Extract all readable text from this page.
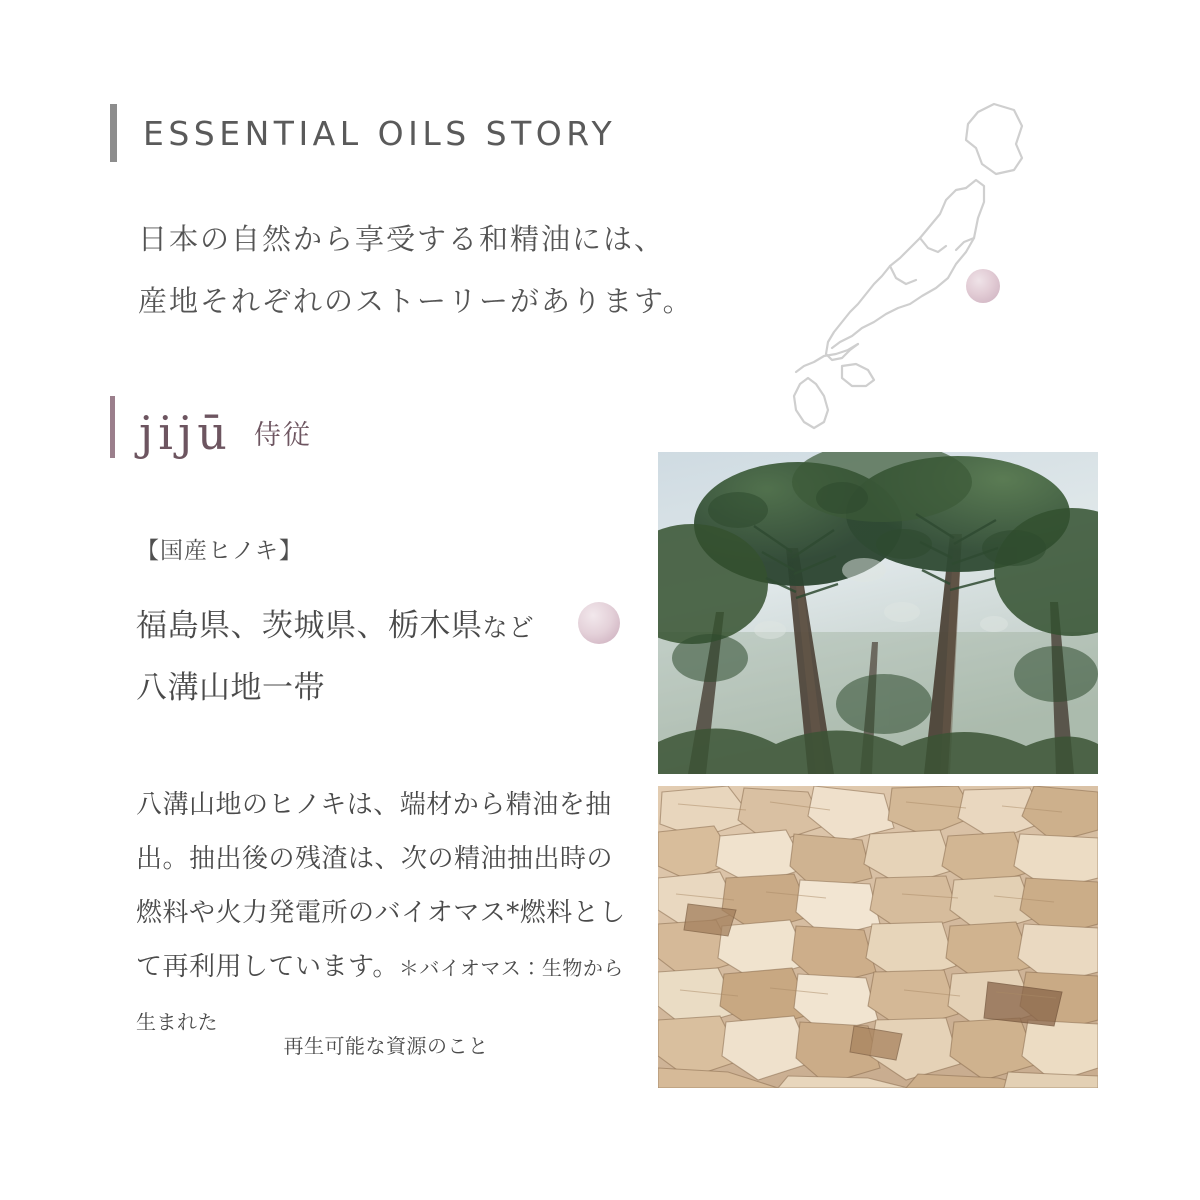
ESSENTIAL OILS STORY
日本の自然から享受する和精油には、
産地それぞれのストーリーがあります。
jijū 侍従
【国産ヒノキ】
福島県、茨城県、栃木県など
八溝山地一帯
八溝山地のヒノキは、端材から精油を抽出。抽出後の残渣は、次の精油抽出時の燃料や火力発電所のバイオマス*燃料として再利用しています。＊バイオマス：生物から生まれた
再生可能な資源のこと
